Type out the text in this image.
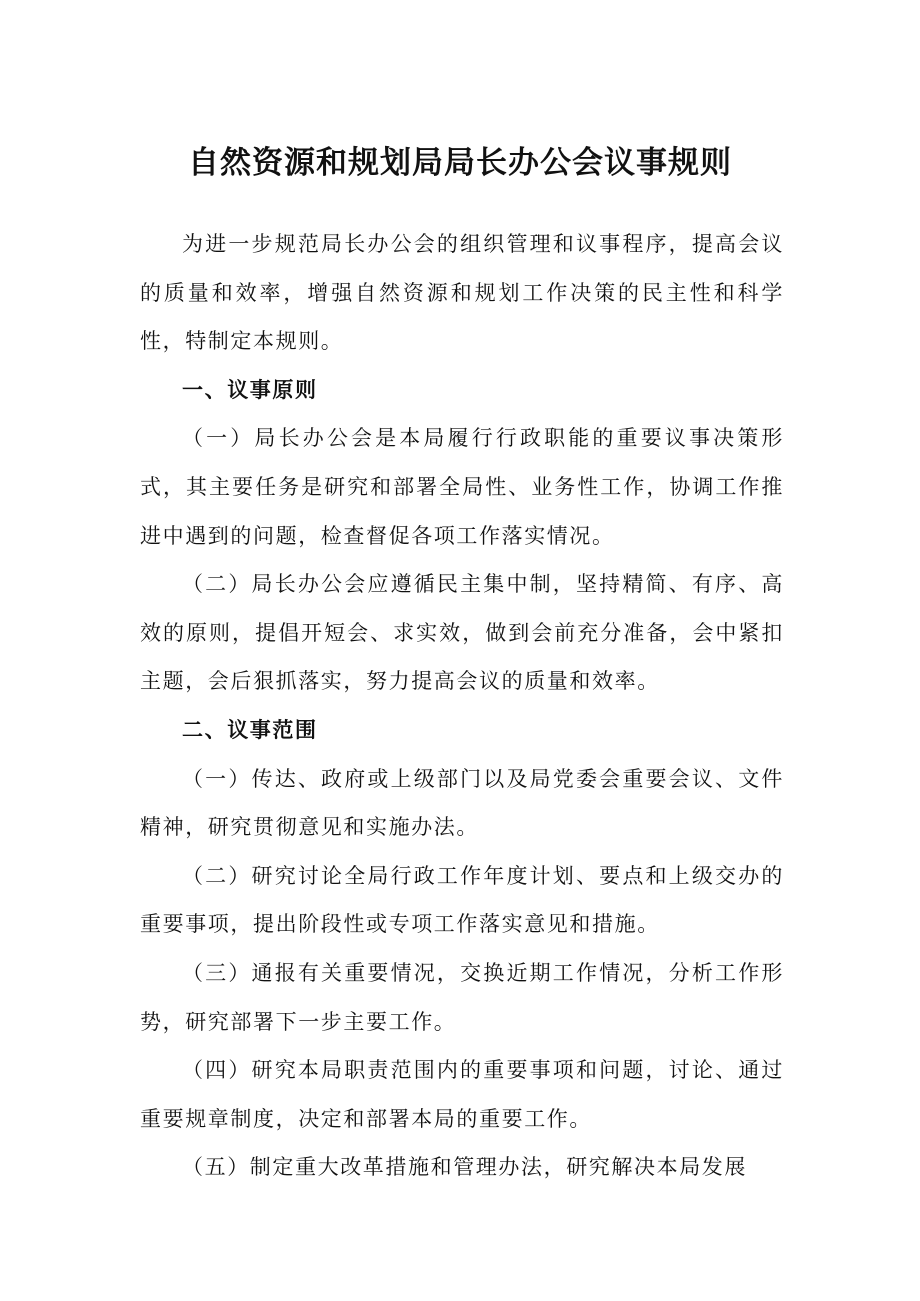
自然资源和规划局局长办公会议事规则

为进一步规范局长办公会的组织管理和议事程序，提高会议的质量和效率，增强自然资源和规划工作决策的民主性和科学性，特制定本规则。

一、议事原则

（一）局长办公会是本局履行行政职能的重要议事决策形式，其主要任务是研究和部署全局性、业务性工作，协调工作推进中遇到的问题，检查督促各项工作落实情况。

（二）局长办公会应遵循民主集中制，坚持精简、有序、高效的原则，提倡开短会、求实效，做到会前充分准备，会中紧扣主题，会后狠抓落实，努力提高会议的质量和效率。

二、议事范围

（一）传达、政府或上级部门以及局党委会重要会议、文件精神，研究贯彻意见和实施办法。

（二）研究讨论全局行政工作年度计划、要点和上级交办的重要事项，提出阶段性或专项工作落实意见和措施。

（三）通报有关重要情况，交换近期工作情况，分析工作形势，研究部署下一步主要工作。

（四）研究本局职责范围内的重要事项和问题，讨论、通过重要规章制度，决定和部署本局的重要工作。

（五）制定重大改革措施和管理办法，研究解决本局发展
